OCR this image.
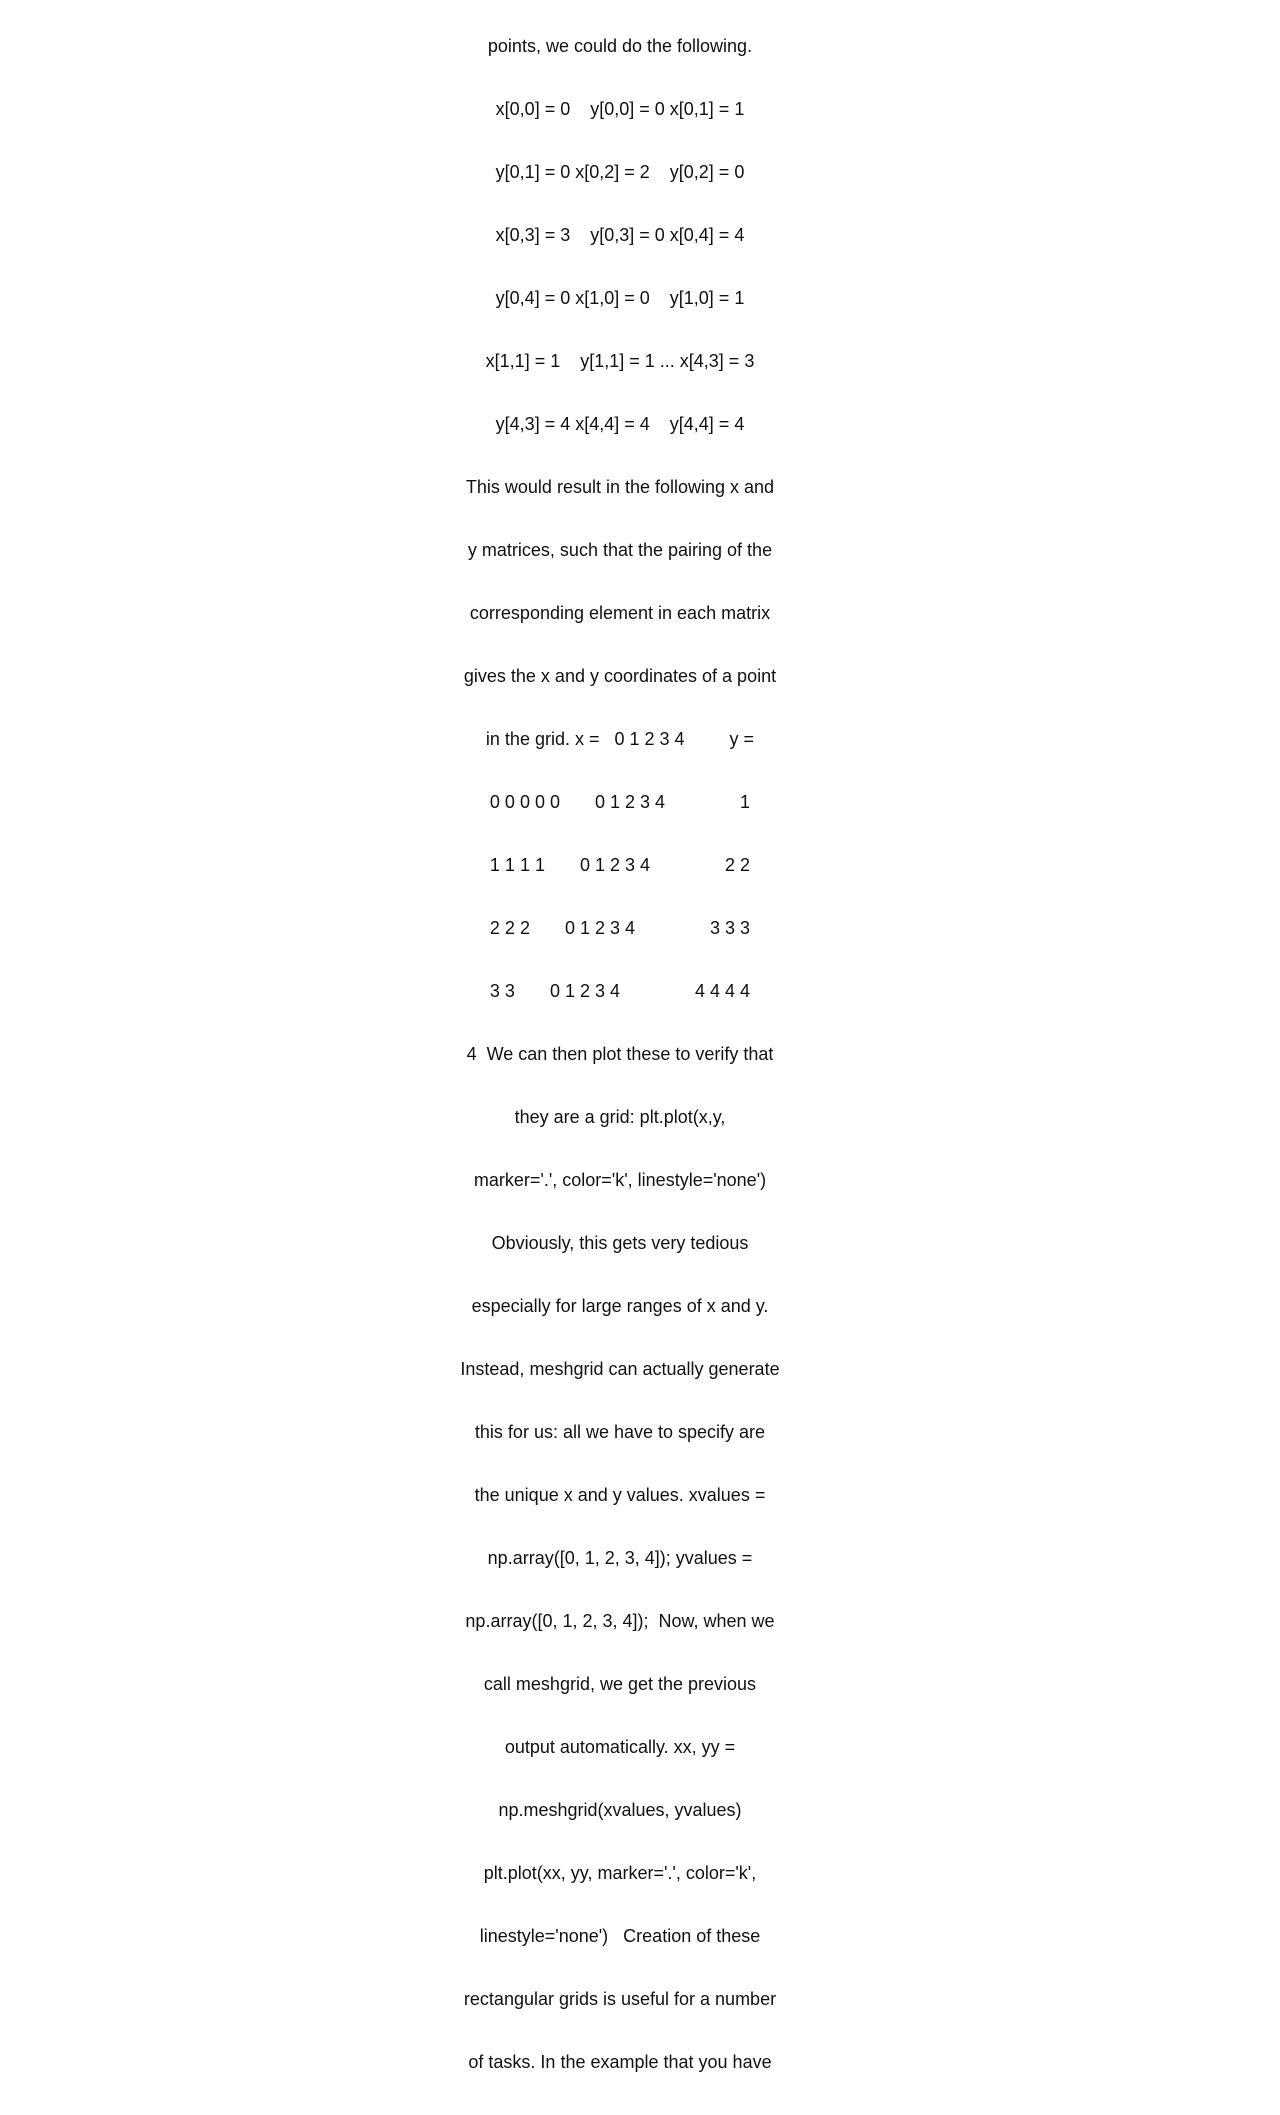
points, we could do the following.

x[0,0] = 0    y[0,0] = 0 x[0,1] = 1

y[0,1] = 0 x[0,2] = 2    y[0,2] = 0

x[0,3] = 3    y[0,3] = 0 x[0,4] = 4

y[0,4] = 0 x[1,0] = 0    y[1,0] = 1

x[1,1] = 1    y[1,1] = 1 ... x[4,3] = 3

y[4,3] = 4 x[4,4] = 4    y[4,4] = 4

This would result in the following x and

y matrices, such that the pairing of the

corresponding element in each matrix

gives the x and y coordinates of a point

in the grid. x =   0 1 2 3 4         y =

0 0 0 0 0       0 1 2 3 4               1

1 1 1 1       0 1 2 3 4               2 2

2 2 2       0 1 2 3 4               3 3 3

3 3       0 1 2 3 4               4 4 4 4

4  We can then plot these to verify that

they are a grid: plt.plot(x,y,

marker='.', color='k', linestyle='none')

Obviously, this gets very tedious

especially for large ranges of x and y.

Instead, meshgrid can actually generate

this for us: all we have to specify are

the unique x and y values. xvalues =

np.array([0, 1, 2, 3, 4]); yvalues =

np.array([0, 1, 2, 3, 4]);  Now, when we

call meshgrid, we get the previous

output automatically. xx, yy =

np.meshgrid(xvalues, yvalues)

plt.plot(xx, yy, marker='.', color='k',

linestyle='none')   Creation of these

rectangular grids is useful for a number

of tasks. In the example that you have
